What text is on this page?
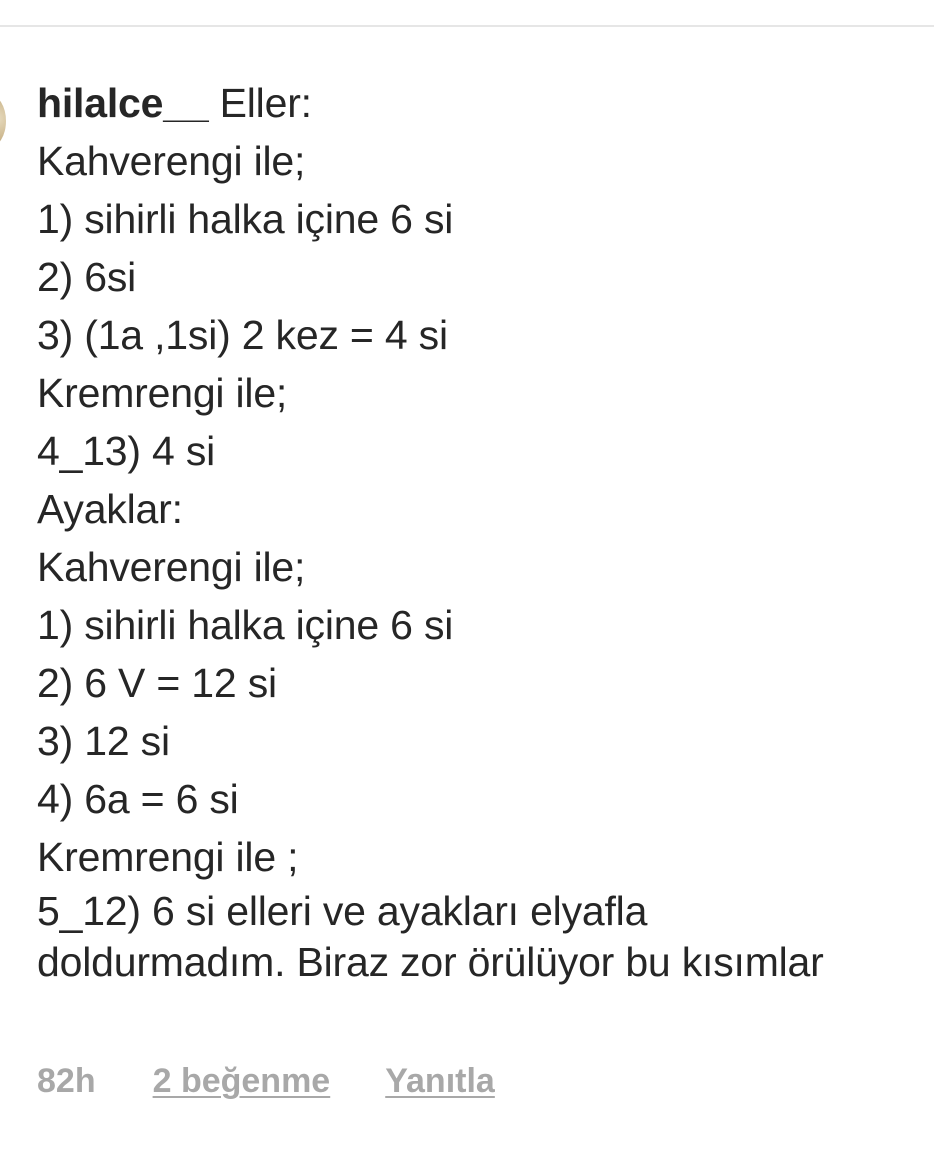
hilalce__ Eller:
Kahverengi ile;
1) sihirli halka içine 6 si
2) 6si
3) (1a ,1si) 2 kez = 4 si
Kremrengi ile;
4_13) 4 si
Ayaklar:
Kahverengi ile;
1) sihirli halka içine 6 si
2) 6 V = 12 si
3) 12 si
4) 6a = 6 si
Kremrengi ile ;
5_12) 6 si elleri ve ayakları elyafla doldurmadım. Biraz zor örülüyor bu kısımlar
82h 2 beğenme Yanıtla
